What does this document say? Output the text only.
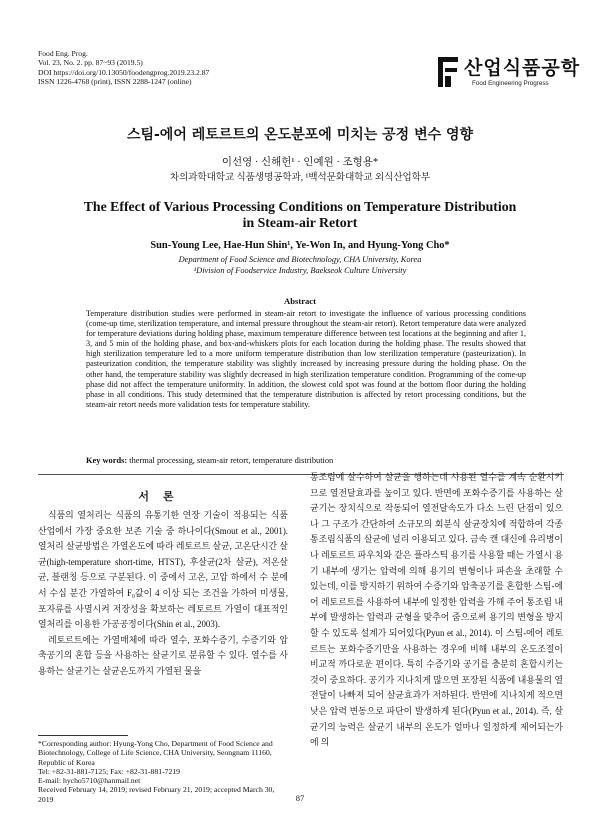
Food Eng. Prog.
Vol. 23, No. 2. pp. 87~93 (2019.5)
DOI https://doi.org/10.13050/foodengprog.2019.23.2.87
ISSN 1226-4768 (print), ISSN 2288-1247 (online)
산업식품공학
Food Engineering Progress
스팀-에어 레토르트의 온도분포에 미치는 공정 변수 영향
이선영 · 신해헌¹ · 인예원 · 조형용*
차의과학대학교 식품생명공학과, ¹백석문화대학교 외식산업학부
The Effect of Various Processing Conditions on Temperature Distribution in Steam-air Retort
Sun-Young Lee, Hae-Hun Shin¹, Ye-Won In, and Hyung-Yong Cho*
Department of Food Science and Biotechnology, CHA University, Korea
¹Division of Foodservice Industry, Baekseok Culture University
Abstract
Temperature distribution studies were performed in steam-air retort to investigate the influence of various processing conditions (come-up time, sterilization temperature, and internal pressure throughout the steam-air retort). Retort temperature data were analyzed for temperature deviations during holding phase, maximum temperature difference between test locations at the beginning and after 1, 3, and 5 min of the holding phase, and box-and-whiskers plots for each location during the holding phase. The results showed that high sterilization temperature led to a more uniform temperature distribution than low sterilization temperature (pasteurization). In pasteurization condition, the temperature stability was slightly increased by increasing pressure during the holding phase. On the other hand, the temperature stability was slightly decreased in high sterilization temperature condition. Programming of the come-up phase did not affect the temperature uniformity. In addition, the slowest cold spot was found at the bottom floor during the holding phase in all conditions. This study determined that the temperature distribution is affected by retort processing conditions, but the steam-air retort needs more validation tests for temperature stability.
Key words: thermal processing, steam-air retort, temperature distribution
서론

식품의 열처리는 식품의 유통기한 연장 기술이 적용되는 식품 산업에서 가장 중요한 보존 기술 중 하나이다(Smout et al., 2001). 열처리 살균방법은 가열온도에 따라 레토르트 살균, 고온단시간 살균(high-temperature short-time, HTST), 후살균(2차 살균), 저온살균, 블랜칭 등으로 구분된다. 이 중에서 고온, 고압 하에서 수 분에서 수십 분간 가열하여 F₀값이 4 이상 되는 조건을 가하여 미생물, 포자류를 사멸시켜 저장성을 확보하는 레토르트 가열이 대표적인 열처리를 이용한 가공공정이다(Shin et al., 2003).

레토르트에는 가열매체에 따라 열수, 포화수증기, 수증기와 압축공기의 혼합 등을 사용하는 살균기로 분류할 수 있다. 열수를 사용하는 살균기는 살균온도까지 가열된 물을

통조림에 살수하여 살균을 행하는데 사용된 열수를 계속 순환시키므로 열전달효과를 높이고 있다. 반면에 포화수증기를 사용하는 살균기는 장치식으로 작동되어 열전달속도가 다소 느린 단점이 있으나 그 구조가 간단하여 소규모의 회분식 살균장치에 적합하여 각종 통조림식품의 살균에 널리 이용되고 있다. 금속 캔 대신에 유리병이나 레토르트 파우치와 같은 플라스틱 용기를 사용할 때는 가열시 용기 내부에 생기는 압력에 의해 용기의 변형이나 파손을 초래할 수 있는데, 이를 방지하기 위하여 수증기와 압축공기를 혼합한 스팀-에어 레토르트를 사용하여 내부에 일정한 압력을 가해 주어 통조림 내부에 발생하는 압력과 균형을 맞추어 줌으로써 용기의 변형을 방지할 수 있도록 설계가 되어있다(Pyun et al., 2014). 이 스팀-에어 레토르트는 포화수증기만을 사용하는 경우에 비해 내부의 온도조절이 비교적 까다로운 편이다. 특히 수증기와 공기를 충분히 혼합시키는 것이 중요하다. 공기가 지나치게 많으면 포장된 식품에 내용물의 열전달이 나빠져 되어 살균효과가 저하된다. 반면에 지나치게 적으면 낮은 압력 변동으로 파단이 발생하게 된다(Pyun et al., 2014). 즉, 살균기의 능력은 살균기 내부의 온도가 얼마나 일정하게 제어되는가에 의

*Corresponding author: Hyung-Yong Cho, Department of Food Science and Biotechnology, College of Life Science, CHA University, Seongnam 11160, Republic of Korea
Tel: +82-31-881-7125; Fax: +82-31-881-7219
E-mail: hycho5710@hanmail.net
Received February 14, 2019; revised February 21, 2019; accepted March 30, 2019	87
